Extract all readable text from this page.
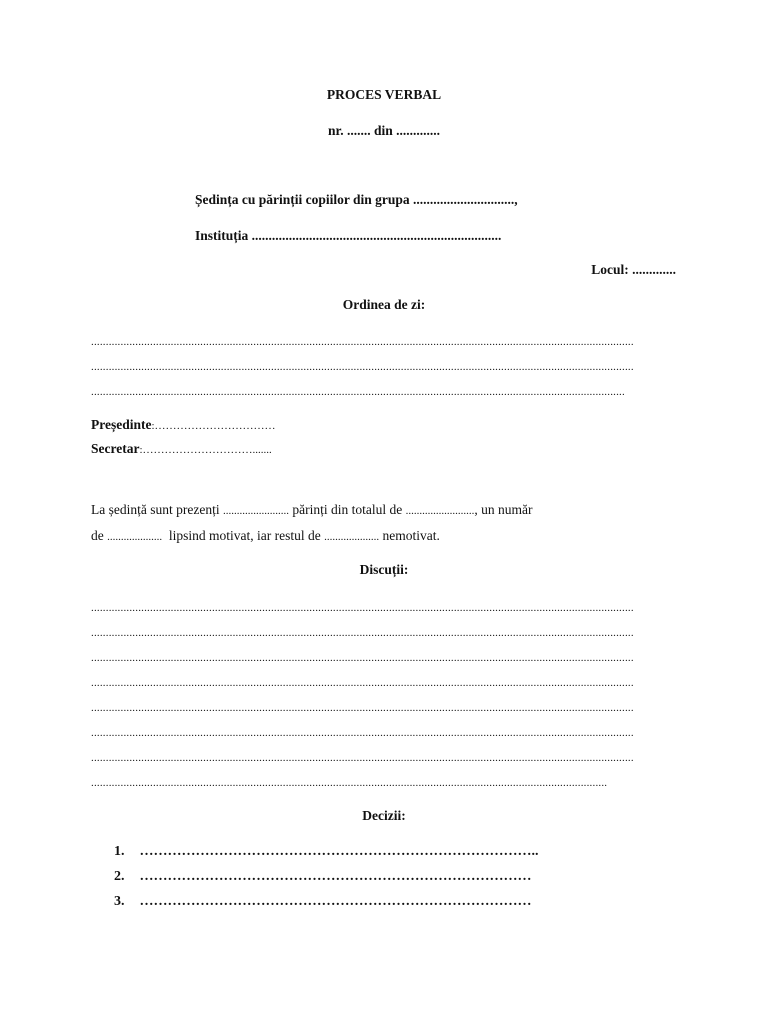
PROCES VERBAL
nr. ....... din .............
Ședința cu părinții copiilor din grupa ..............................,
Instituția ..........................................................................
Locul: .............
Ordinea de zi:
........................................................................................................................................................................................
........................................................................................................................................................................................
.....................................................................................................................................................................................
Președinte:……………………………
Secretar:………………………….......
La ședință sunt prezenți ........................ părinți din totalul de ........................., un număr
de .................... lipsind motivat, iar restul de .................... nemotivat.
Discuții:
........................................................................................................................................................................................
........................................................................................................................................................................................
........................................................................................................................................................................................
........................................................................................................................................................................................
........................................................................................................................................................................................
........................................................................................................................................................................................
........................................................................................................................................................................................
...............................................................................................................................................................................
Decizii:
1. …………………………………………………………………………..
2. …………………………………………………………………………
3. …………………………………………………………………………
